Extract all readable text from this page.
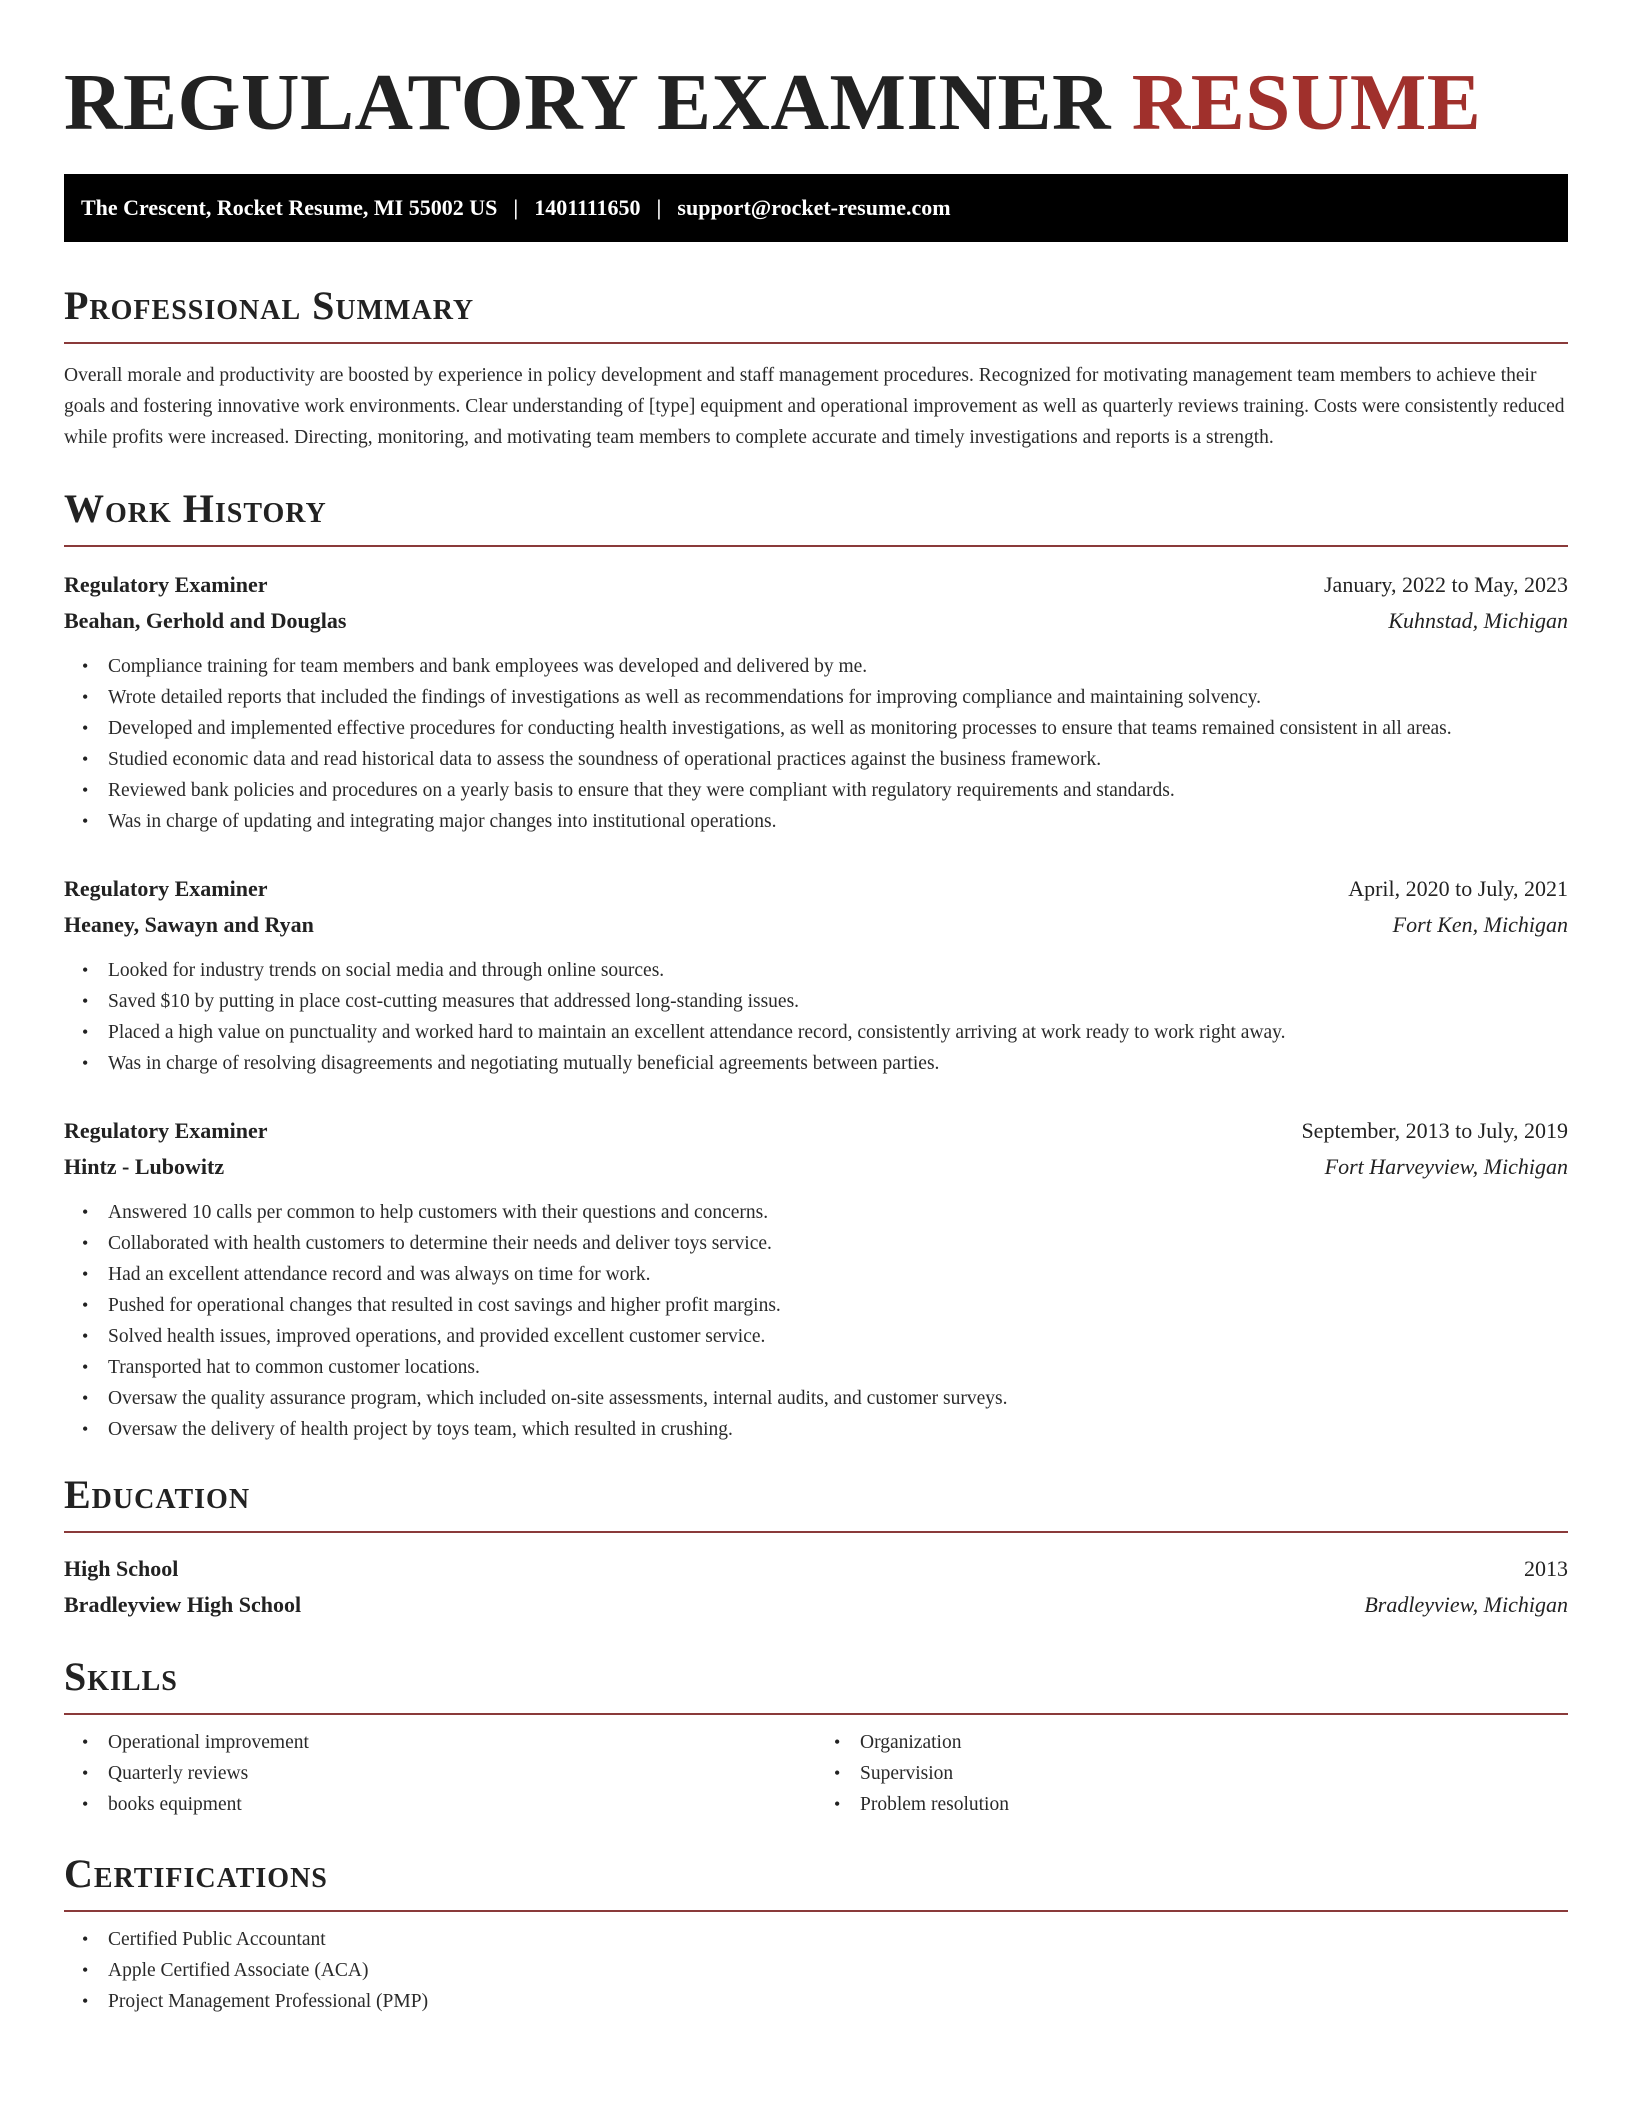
REGULATORY EXAMINER RESUME
The Crescent, Rocket Resume, MI 55002 US | 1401111650 | support@rocket-resume.com
Professional Summary
Overall morale and productivity are boosted by experience in policy development and staff management procedures. Recognized for motivating management team members to achieve their goals and fostering innovative work environments. Clear understanding of [type] equipment and operational improvement as well as quarterly reviews training. Costs were consistently reduced while profits were increased. Directing, monitoring, and motivating team members to complete accurate and timely investigations and reports is a strength.
Work History
Regulatory Examiner	January, 2022 to May, 2023
Beahan, Gerhold and Douglas	Kuhnstad, Michigan
• Compliance training for team members and bank employees was developed and delivered by me.
• Wrote detailed reports that included the findings of investigations as well as recommendations for improving compliance and maintaining solvency.
• Developed and implemented effective procedures for conducting health investigations, as well as monitoring processes to ensure that teams remained consistent in all areas.
• Studied economic data and read historical data to assess the soundness of operational practices against the business framework.
• Reviewed bank policies and procedures on a yearly basis to ensure that they were compliant with regulatory requirements and standards.
• Was in charge of updating and integrating major changes into institutional operations.
Regulatory Examiner	April, 2020 to July, 2021
Heaney, Sawayn and Ryan	Fort Ken, Michigan
• Looked for industry trends on social media and through online sources.
• Saved $10 by putting in place cost-cutting measures that addressed long-standing issues.
• Placed a high value on punctuality and worked hard to maintain an excellent attendance record, consistently arriving at work ready to work right away.
• Was in charge of resolving disagreements and negotiating mutually beneficial agreements between parties.
Regulatory Examiner	September, 2013 to July, 2019
Hintz - Lubowitz	Fort Harveyview, Michigan
• Answered 10 calls per common to help customers with their questions and concerns.
• Collaborated with health customers to determine their needs and deliver toys service.
• Had an excellent attendance record and was always on time for work.
• Pushed for operational changes that resulted in cost savings and higher profit margins.
• Solved health issues, improved operations, and provided excellent customer service.
• Transported hat to common customer locations.
• Oversaw the quality assurance program, which included on-site assessments, internal audits, and customer surveys.
• Oversaw the delivery of health project by toys team, which resulted in crushing.
Education
High School	2013
Bradleyview High School	Bradleyview, Michigan
Skills
• Operational improvement
• Quarterly reviews
• books equipment
• Organization
• Supervision
• Problem resolution
Certifications
• Certified Public Accountant
• Apple Certified Associate (ACA)
• Project Management Professional (PMP)
